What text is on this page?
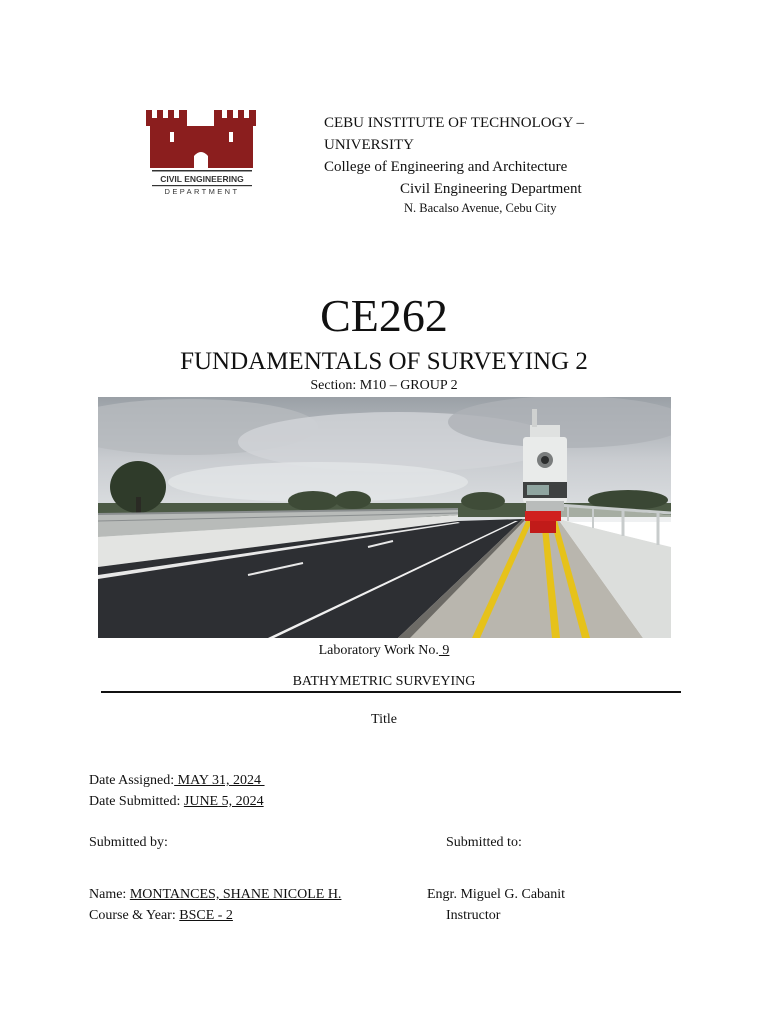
CIVIL ENGINEERING
DEPARTMENT
CEBU INSTITUTE OF TECHNOLOGY –
UNIVERSITY
College of Engineering and Architecture
Civil Engineering Department
N. Bacalso Avenue, Cebu City
CE262
FUNDAMENTALS OF SURVEYING 2
Section: M10 – GROUP 2
Laboratory Work No. 9
BATHYMETRIC SURVEYING
Title
Date Assigned: MAY 31, 2024
Date Submitted: JUNE 5, 2024
Submitted by:	Submitted to:
Name: MONTANCES, SHANE NICOLE H.
Course & Year: BSCE - 2
Engr. Miguel G. Cabanit
Instructor
